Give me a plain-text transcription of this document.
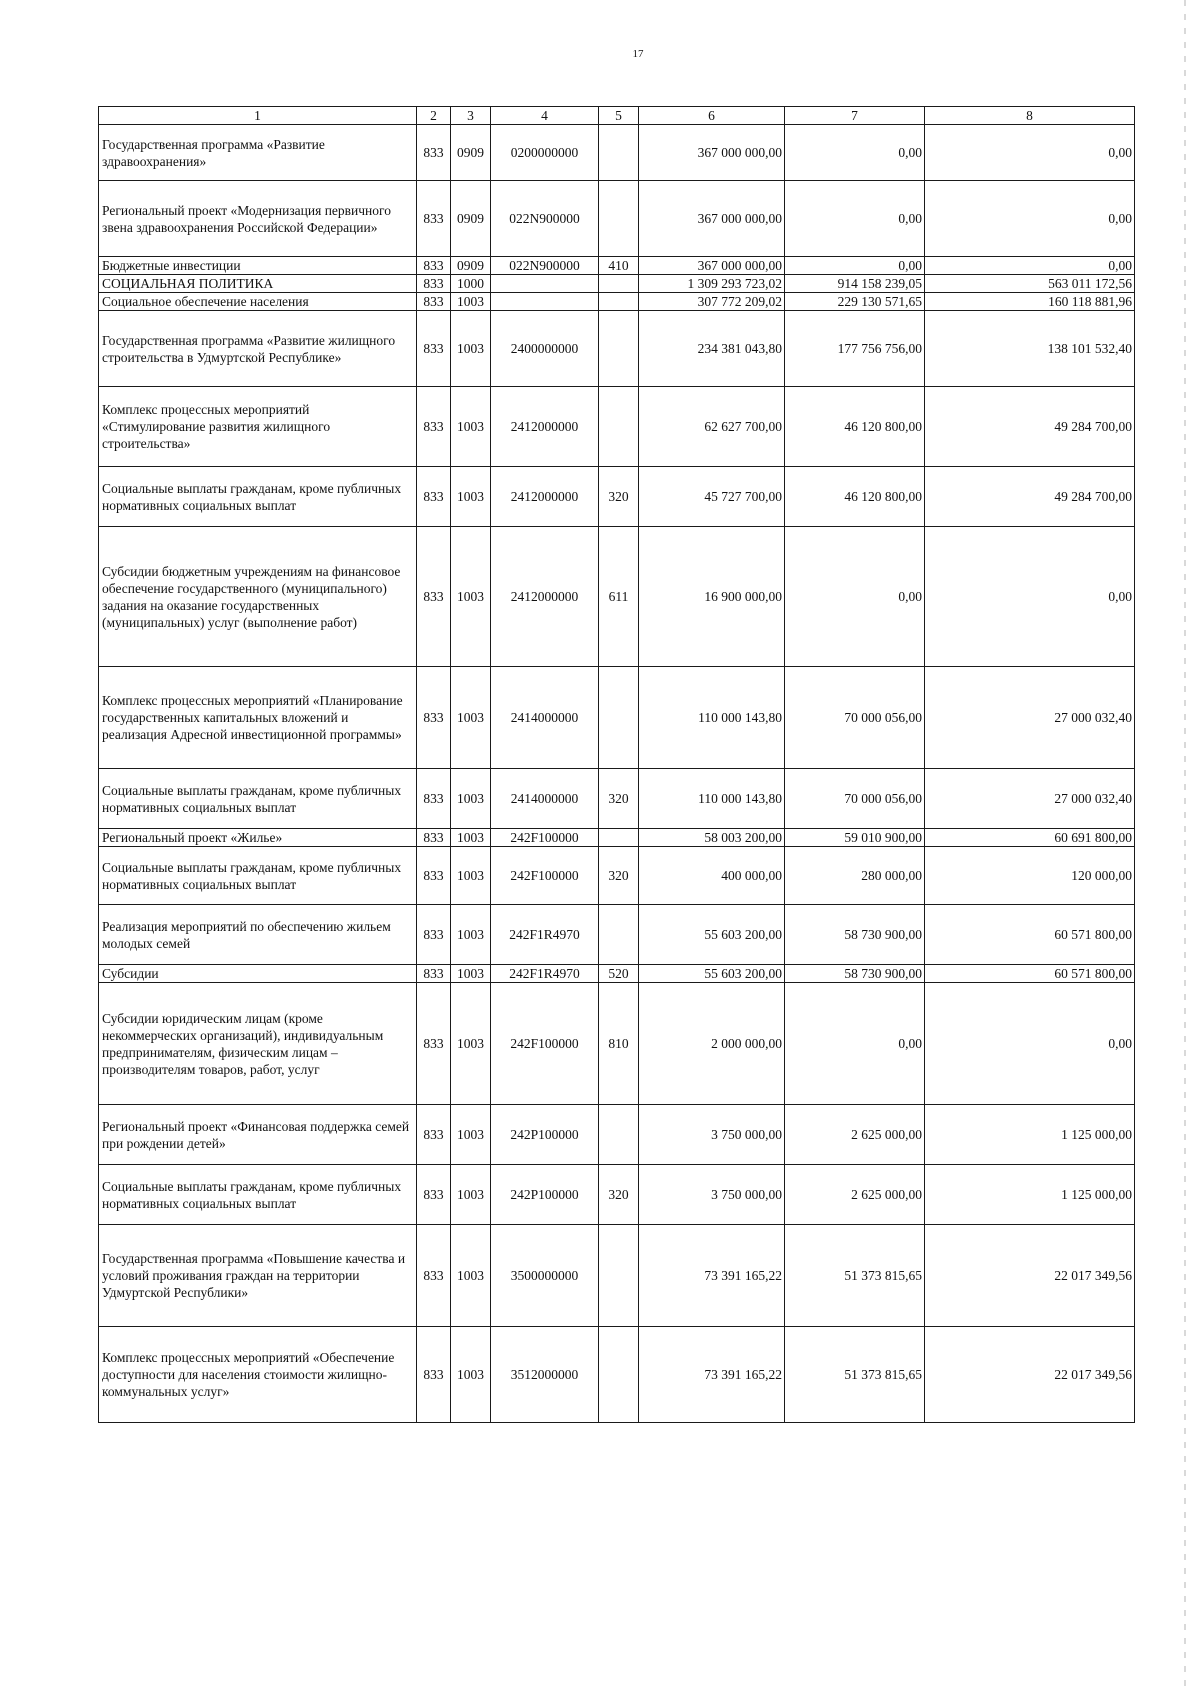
17
1	2	3	4	5	6	7	8
Государственная программа «Развитие здравоохранения»	833	0909	0200000000		367 000 000,00	0,00	0,00
Региональный проект «Модернизация первичного звена здравоохранения Российской Федерации»	833	0909	022N900000		367 000 000,00	0,00	0,00
Бюджетные инвестиции	833	0909	022N900000	410	367 000 000,00	0,00	0,00
СОЦИАЛЬНАЯ ПОЛИТИКА	833	1000			1 309 293 723,02	914 158 239,05	563 011 172,56
Социальное обеспечение населения	833	1003			307 772 209,02	229 130 571,65	160 118 881,96
Государственная программа «Развитие жилищного строительства в Удмуртской Республике»	833	1003	2400000000		234 381 043,80	177 756 756,00	138 101 532,40
Комплекс процессных мероприятий «Стимулирование развития жилищного строительства»	833	1003	2412000000		62 627 700,00	46 120 800,00	49 284 700,00
Социальные выплаты гражданам, кроме публичных нормативных социальных выплат	833	1003	2412000000	320	45 727 700,00	46 120 800,00	49 284 700,00
Субсидии бюджетным учреждениям на финансовое обеспечение государственного (муниципального) задания на оказание государственных (муниципальных) услуг (выполнение работ)	833	1003	2412000000	611	16 900 000,00	0,00	0,00
Комплекс процессных мероприятий «Планирование государственных капитальных вложений и реализация Адресной инвестиционной программы»	833	1003	2414000000		110 000 143,80	70 000 056,00	27 000 032,40
Социальные выплаты гражданам, кроме публичных нормативных социальных выплат	833	1003	2414000000	320	110 000 143,80	70 000 056,00	27 000 032,40
Региональный проект «Жилье»	833	1003	242F100000		58 003 200,00	59 010 900,00	60 691 800,00
Социальные выплаты гражданам, кроме публичных нормативных социальных выплат	833	1003	242F100000	320	400 000,00	280 000,00	120 000,00
Реализация мероприятий по обеспечению жильем молодых семей	833	1003	242F1R4970		55 603 200,00	58 730 900,00	60 571 800,00
Субсидии	833	1003	242F1R4970	520	55 603 200,00	58 730 900,00	60 571 800,00
Субсидии юридическим лицам (кроме некоммерческих организаций), индивидуальным предпринимателям, физическим лицам – производителям товаров, работ, услуг	833	1003	242F100000	810	2 000 000,00	0,00	0,00
Региональный проект «Финансовая поддержка семей при рождении детей»	833	1003	242P100000		3 750 000,00	2 625 000,00	1 125 000,00
Социальные выплаты гражданам, кроме публичных нормативных социальных выплат	833	1003	242P100000	320	3 750 000,00	2 625 000,00	1 125 000,00
Государственная программа «Повышение качества и условий проживания граждан на территории Удмуртской Республики»	833	1003	3500000000		73 391 165,22	51 373 815,65	22 017 349,56
Комплекс процессных мероприятий «Обеспечение доступности для населения стоимости жилищно-коммунальных услуг»	833	1003	3512000000		73 391 165,22	51 373 815,65	22 017 349,56
